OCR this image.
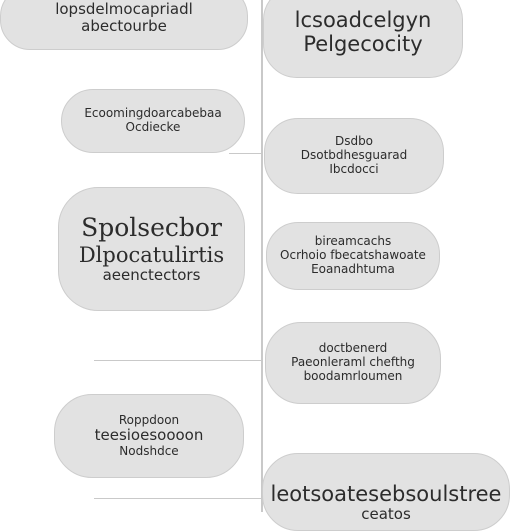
lopsdelmocapriadl
abectourbe	lcsoadcelgyn
Pelgecocity
Ecoomingdoarcabebaa
Ocdiecke
Dsdbo
Dsotbdhesguarad
Ibcdocci
Spolsecbor
Dlpocatulirtis
aeenctectors
bireamcachs
Ocrhoio fbecatshawoate
Eoanadhtuma
doctbenerd
Paeonleraml chefthg
boodamrloumen
Roppdoon
teesioesoooon
Nodshdce
leotsoatesebsoulstree
ceatos
